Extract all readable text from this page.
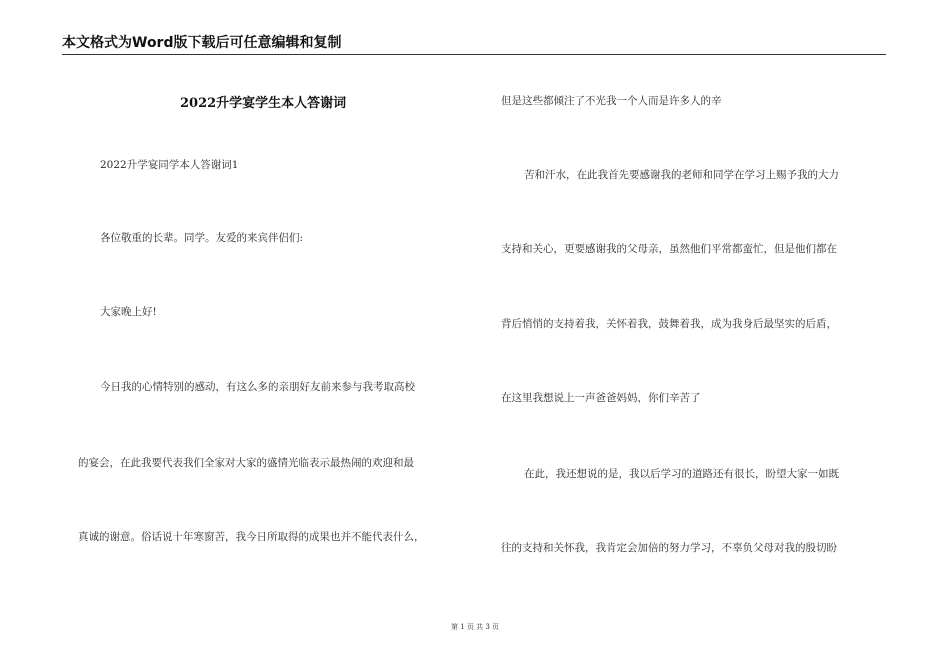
本文格式为Word版下载后可任意编辑和复制
2022升学宴学生本人答谢词
2022升学宴同学本人答谢词1
各位敬重的长辈。同学。友爱的来宾伴侣们:
大家晚上好!
今日我的心情特别的感动，有这么多的亲朋好友前来参与我考取高校
的宴会，在此我要代表我们全家对大家的盛情光临表示最热闹的欢迎和最
真诚的谢意。俗话说十年寒窗苦，我今日所取得的成果也并不能代表什么，
但是这些都倾注了不光我一个人而是许多人的辛
苦和汗水，在此我首先要感谢我的老师和同学在学习上赐予我的大力
支持和关心，更要感谢我的父母亲，虽然他们平常都蛮忙，但是他们都在
背后悄悄的支持着我，关怀着我，鼓舞着我，成为我身后最坚实的后盾，
在这里我想说上一声爸爸妈妈，你们辛苦了
在此，我还想说的是，我以后学习的道路还有很长，盼望大家一如既
往的支持和关怀我，我肯定会加倍的努力学习，不辜负父母对我的殷切盼
第 1 页 共 3 页
